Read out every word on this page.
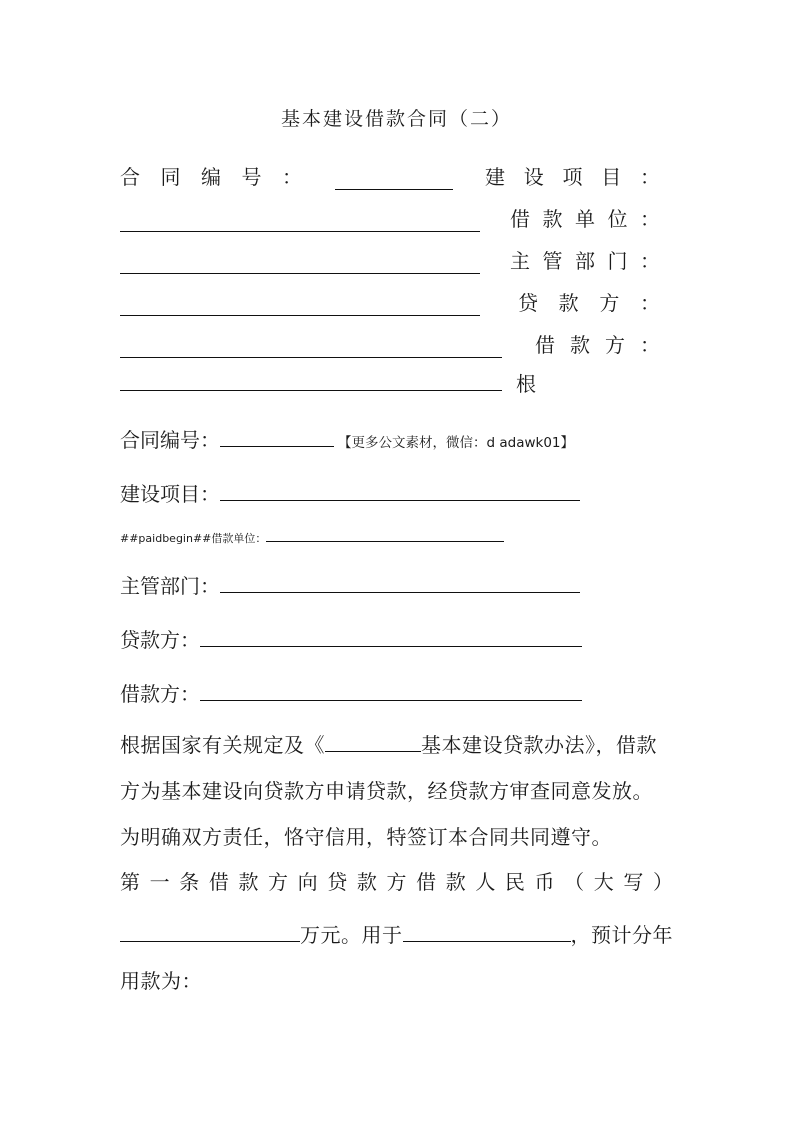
基本建设借款合同（二）
合 同 编 号 ：	建 设 项 目 ：
借 款 单 位 ：
主 管 部 门 ：
贷 款 方 ：
借 款 方 ：
根
合同编号：	【更多公文素材，微信：d adawk01】
建设项目：
##paidbegin##借款单位：
主管部门：
贷款方：
借款方：
根据国家有关规定及《	基本建设贷款办法》，借款方为基本建设向贷款方申请贷款，经贷款方审查同意发放。为明确双方责任，恪守信用，特签订本合同共同遵守。
第 一 条 借 款 方 向 贷 款 方 借 款 人 民 币 （ 大 写 ）
万元。用于	，预计分年用款为：
